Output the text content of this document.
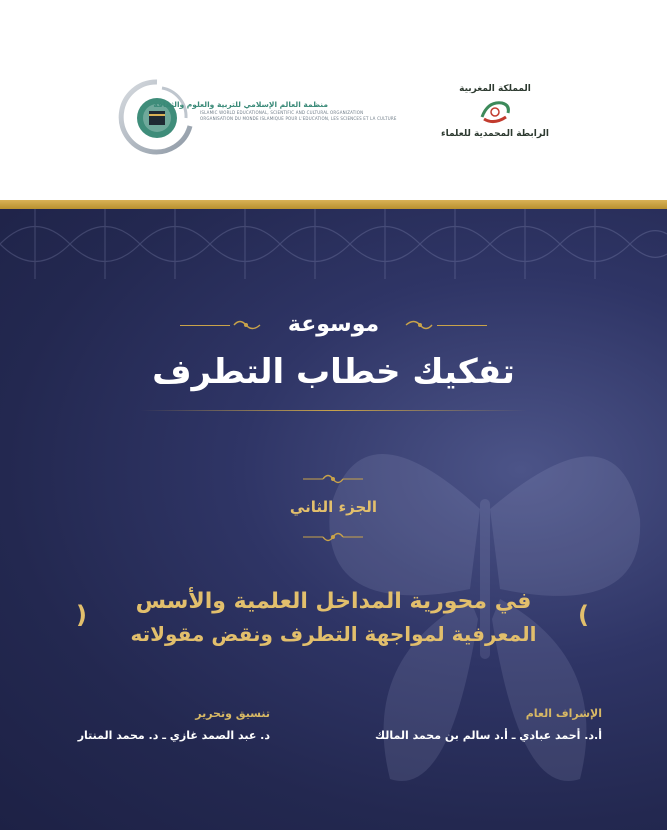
منظمة العالم الإسلامي للتربية والعلوم والثقافة
ISLAMIC WORLD EDUCATIONAL, SCIENTIFIC AND CULTURAL ORGANIZATION
ORGANISATION DU MONDE ISLAMIQUE POUR L'EDUCATION, LES SCIENCES ET LA CULTURE
المملكة المغربية
الرابطة المحمدية للعلماء
موسوعة
تفكيك خطاب التطرف
الجزء الثاني
)	في محورية المداخل العلمية والأسس
المعرفية لمواجهة التطرف ونقض مقولاته
(
الإشراف العام
أ.د. أحمد عبادي ـ أ.د سالم بن محمد المالك
تنسيق وتحرير
د. عبد الصمد غازي ـ د. محمد المنتار
